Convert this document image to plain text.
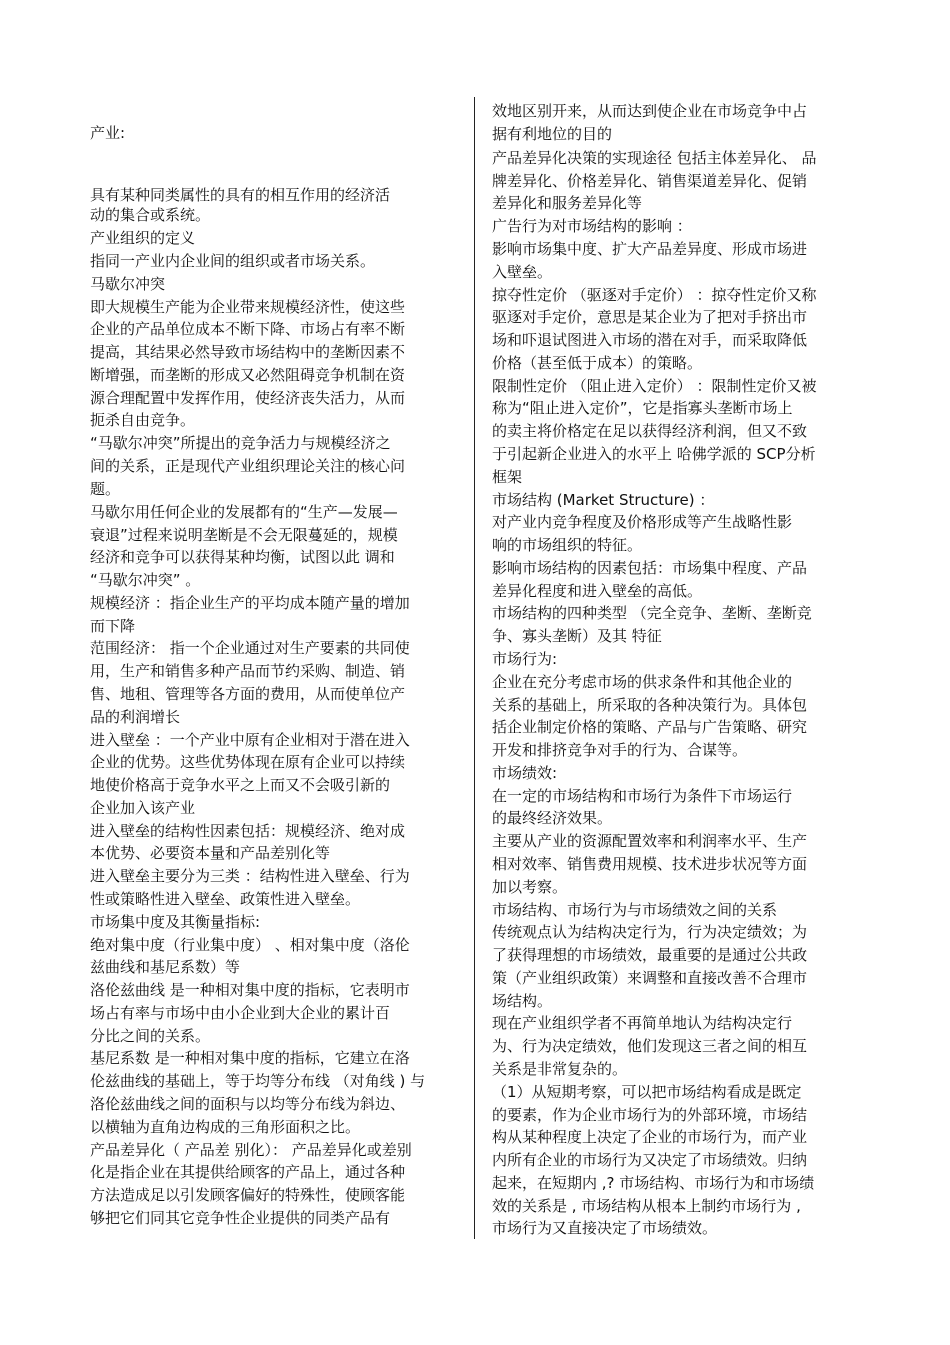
产业:
具有某种同类属性的具有的相互作用的经济活
动的集合或系统。
产业组织的定义
指同一产业内企业间的组织或者市场关系。
马歇尔冲突
即大规模生产能为企业带来规模经济性，使这些
企业的产品单位成本不断下降、市场占有率不断
提高，其结果必然导致市场结构中的垄断因素不
断增强，而垄断的形成又必然阻碍竞争机制在资
源合理配置中发挥作用，使经济丧失活力，从而
扼杀自由竞争。
“马歇尔冲突”所提出的竞争活力与规模经济之
间的关系，正是现代产业组织理论关注的核心问
题。
马歇尔用任何企业的发展都有的“生产—发展—
衰退”过程来说明垄断是不会无限蔓延的，规模
经济和竞争可以获得某种均衡，试图以此 调和
“马歇尔冲突” 。
规模经济 ：指企业生产的平均成本随产量的增加
而下降
范围经济： 指一个企业通过对生产要素的共同使
用，生产和销售多种产品而节约采购、制造、销
售、地租、管理等各方面的费用，从而使单位产
品的利润增长
进入壁垒 ：一个产业中原有企业相对于潜在进入
企业的优势。这些优势体现在原有企业可以持续
地使价格高于竞争水平之上而又不会吸引新的
企业加入该产业
进入壁垒的结构性因素包括：规模经济、绝对成
本优势、必要资本量和产品差别化等
进入壁垒主要分为三类 ：结构性进入壁垒、行为
性或策略性进入壁垒、政策性进入壁垒。
市场集中度及其衡量指标:
绝对集中度（行业集中度） 、相对集中度（洛伦
兹曲线和基尼系数）等
洛伦兹曲线 是一种相对集中度的指标，它表明市
场占有率与市场中由小企业到大企业的累计百
分比之间的关系。
基尼系数 是一种相对集中度的指标，它建立在洛
伦兹曲线的基础上，等于均等分布线 （对角线 ) 与
洛伦兹曲线之间的面积与以均等分布线为斜边、
以横轴为直角边构成的三角形面积之比。
产品差异化（ 产品差 别化）： 产品差异化或差别
化是指企业在其提供给顾客的产品上，通过各种
方法造成足以引发顾客偏好的特殊性，使顾客能
够把它们同其它竞争性企业提供的同类产品有
效地区别开来，从而达到使企业在市场竞争中占
据有利地位的目的
产品差异化决策的实现途径 包括主体差异化、 品
牌差异化、价格差异化、销售渠道差异化、促销
差异化和服务差异化等
广告行为对市场结构的影响 ：
影响市场集中度、扩大产品差异度、形成市场进
入壁垒。
掠夺性定价 （驱逐对手定价） ：掠夺性定价又称
驱逐对手定价，意思是某企业为了把对手挤出市
场和吓退试图进入市场的潜在对手，而采取降低
价格（甚至低于成本）的策略。
限制性定价 （阻止进入定价） ：限制性定价又被
称为“阻止进入定价”，它是指寡头垄断市场上
的卖主将价格定在足以获得经济利润，但又不致
于引起新企业进入的水平上 哈佛学派的 SCP分析
框架
市场结构 (Market Structure) ：
对产业内竞争程度及价格形成等产生战略性影
响的市场组织的特征。
影响市场结构的因素包括：市场集中程度、产品
差异化程度和进入壁垒的高低。
市场结构的四种类型 （完全竞争、垄断、垄断竞
争、寡头垄断）及其 特征
市场行为:
企业在充分考虑市场的供求条件和其他企业的
关系的基础上，所采取的各种决策行为。具体包
括企业制定价格的策略、产品与广告策略、研究
开发和排挤竞争对手的行为、合谋等。
市场绩效:
在一定的市场结构和市场行为条件下市场运行
的最终经济效果。
主要从产业的资源配置效率和利润率水平、生产
相对效率、销售费用规模、技术进步状况等方面
加以考察。
市场结构、市场行为与市场绩效之间的关系
传统观点认为结构决定行为，行为决定绩效；为
了获得理想的市场绩效，最重要的是通过公共政
策（产业组织政策）来调整和直接改善不合理市
场结构。
现在产业组织学者不再简单地认为结构决定行
为、行为决定绩效，他们发现这三者之间的相互
关系是非常复杂的。
（1）从短期考察，可以把市场结构看成是既定
的要素，作为企业市场行为的外部环境，市场结
构从某种程度上决定了企业的市场行为，而产业
内所有企业的市场行为又决定了市场绩效。归纳
起来，在短期内 ,? 市场结构、市场行为和市场绩
效的关系是 , 市场结构从根本上制约市场行为 ,
市场行为又直接决定了市场绩效。
